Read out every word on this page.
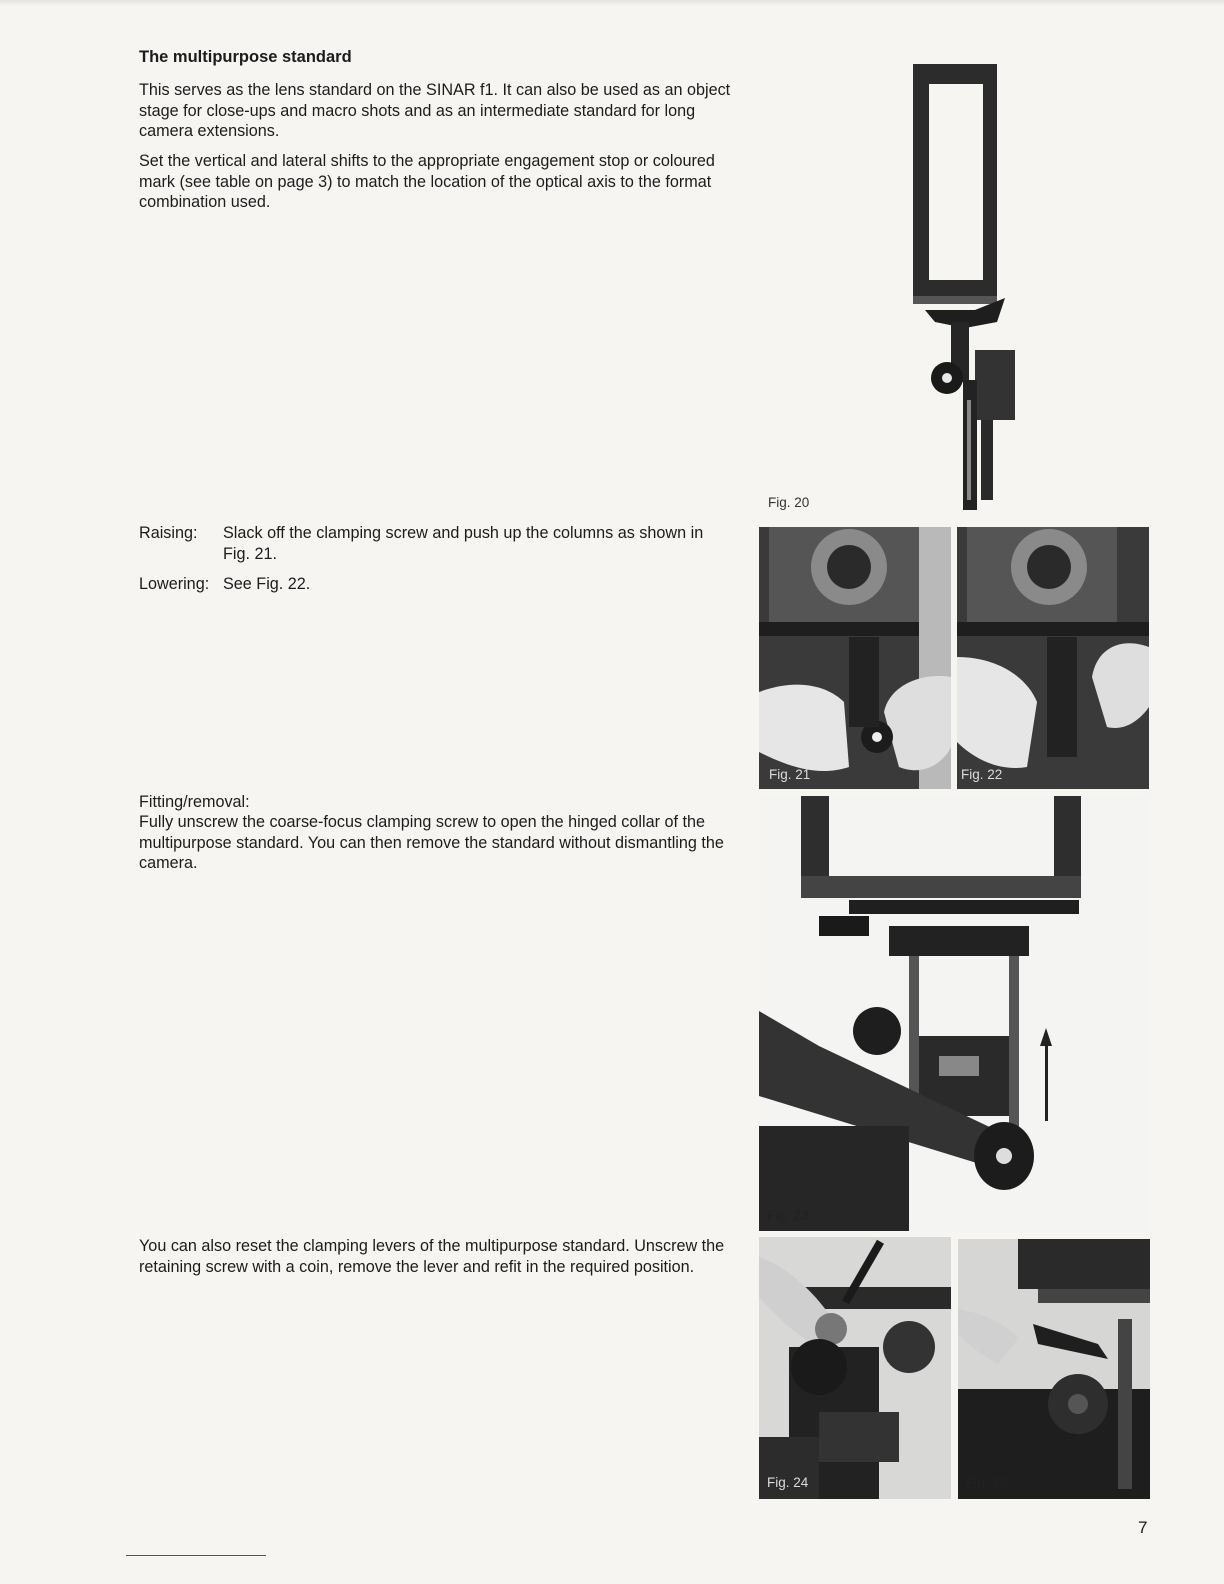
The multipurpose standard

This serves as the lens standard on the SINAR f1. It can also be used as an object stage for close-ups and macro shots and as an intermediate standard for long camera extensions.

Set the vertical and lateral shifts to the appropriate engagement stop or coloured mark (see table on page 3) to match the location of the optical axis to the format combination used.

Raising: Slack off the clamping screw and push up the columns as shown in Fig. 21.
Lowering: See Fig. 22.

Fitting/removal:

Fully unscrew the coarse-focus clamping screw to open the hinged collar of the multipurpose standard. You can then remove the standard without dismantling the camera.

You can also reset the clamping levers of the multipurpose standard. Unscrew the retaining screw with a coin, remove the lever and refit in the required position.

Fig. 20
Fig. 21	Fig. 22
Fig. 23
Fig. 24	Fig. 25
7
